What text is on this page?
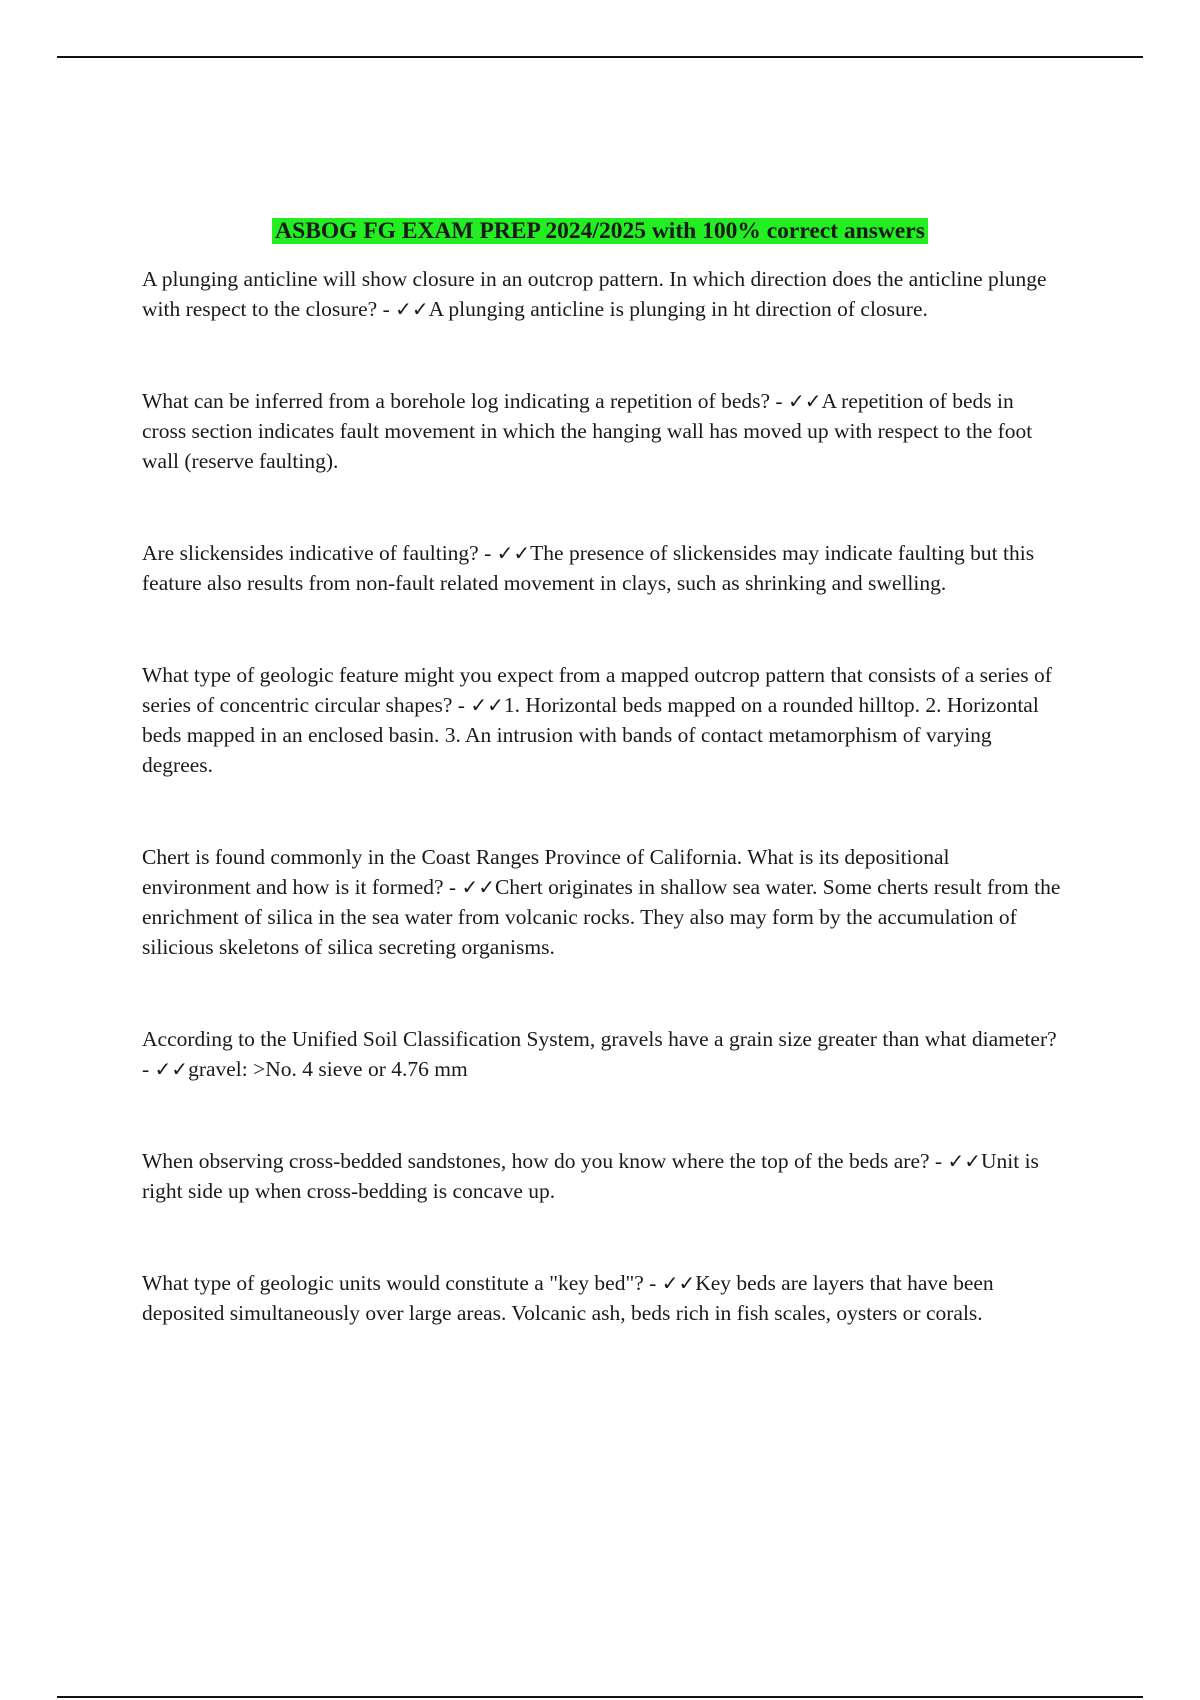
ASBOG FG EXAM PREP 2024/2025 with 100% correct answers

A plunging anticline will show closure in an outcrop pattern. In which direction does the anticline plunge with respect to the closure? - ✓✓A plunging anticline is plunging in ht direction of closure.

What can be inferred from a borehole log indicating a repetition of beds? - ✓✓A repetition of beds in cross section indicates fault movement in which the hanging wall has moved up with respect to the foot wall (reserve faulting).

Are slickensides indicative of faulting? - ✓✓The presence of slickensides may indicate faulting but this feature also results from non-fault related movement in clays, such as shrinking and swelling.

What type of geologic feature might you expect from a mapped outcrop pattern that consists of a series of series of concentric circular shapes? - ✓✓1. Horizontal beds mapped on a rounded hilltop. 2. Horizontal beds mapped in an enclosed basin. 3. An intrusion with bands of contact metamorphism of varying degrees.

Chert is found commonly in the Coast Ranges Province of California. What is its depositional environment and how is it formed? - ✓✓Chert originates in shallow sea water. Some cherts result from the enrichment of silica in the sea water from volcanic rocks. They also may form by the accumulation of silicious skeletons of silica secreting organisms.

According to the Unified Soil Classification System, gravels have a grain size greater than what diameter? - ✓✓gravel: >No. 4 sieve or 4.76 mm

When observing cross-bedded sandstones, how do you know where the top of the beds are? - ✓✓Unit is right side up when cross-bedding is concave up.

What type of geologic units would constitute a "key bed"? - ✓✓Key beds are layers that have been deposited simultaneously over large areas. Volcanic ash, beds rich in fish scales, oysters or corals.
